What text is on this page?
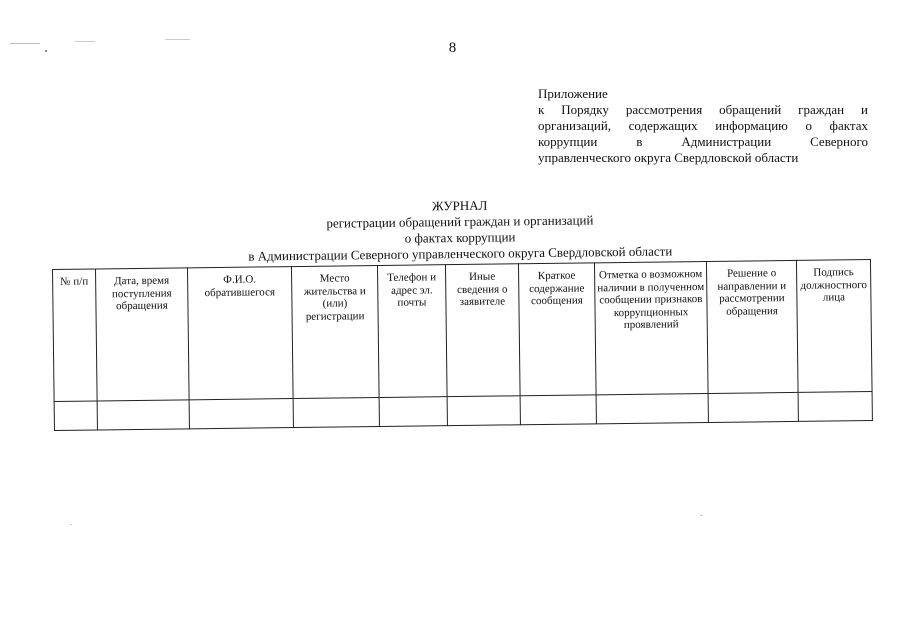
8
Приложение
к Порядку рассмотрения обращений граждан и
организаций, содержащих информацию о фактах
коррупции в Администрации Северного
управленческого округа Свердловской области
ЖУРНАЛ
регистрации обращений граждан и организаций
о фактах коррупции
в Администрации Северного управленческого округа Свердловской области
№ п/п	Дата, время поступления обращения	Ф.И.О. обратившегося	Место жительства и (или) регистрации	Телефон и адрес эл. почты	Иные сведения о заявителе	Краткое содержание сообщения	Отметка о возможном наличии в полученном сообщении признаков коррупционных проявлений	Решение о направлении и рассмотрении обращения	Подпись должностного лица
